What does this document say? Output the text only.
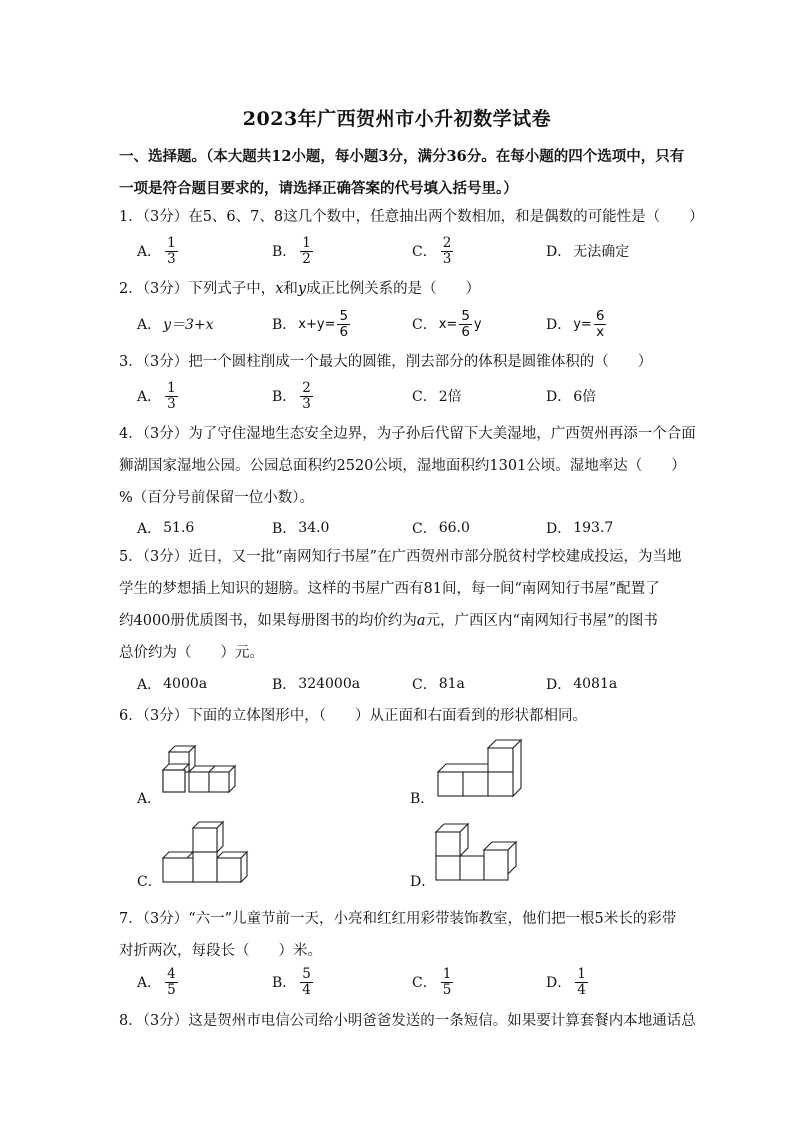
2023年广西贺州市小升初数学试卷
一、选择题。（本大题共12小题，每小题3分，满分36分。在每小题的四个选项中，只有
一项是符合题目要求的，请选择正确答案的代号填入括号里。）
1．（3分）在5、6、7、8这几个数中，任意抽出两个数相加，和是偶数的可能性是（　　）
A． $\frac{1}{3}$	B． $\frac{1}{2}$	C． $\frac{2}{3}$	D． 无法确定
2．（3分）下列式子中，x和y成正比例关系的是（　　）
A． y＝3+x	B． $x+y= \frac{5}{6}$	C． $x= \frac{5}{6}$ y	D． $y= \frac{6}{x}$
3．（3分）把一个圆柱削成一个最大的圆锥，削去部分的体积是圆锥体积的（　　）
A． $\frac{1}{3}$	B． $\frac{2}{3}$	C． 2倍	D． 6倍
4．（3分）为了守住湿地生态安全边界，为子孙后代留下大美湿地，广西贺州再添一个合面
狮湖国家湿地公园。公园总面积约2520公顷，湿地面积约1301公顷。湿地率达（　　）
%（百分号前保留一位小数）。
A． 51.6	B． 34.0	C． 66.0	D． 193.7
5．（3分）近日，又一批“南网知行书屋”在广西贺州市部分脱贫村学校建成投运，为当地
学生的梦想插上知识的翅膀。这样的书屋广西有81间，每一间“南网知行书屋”配置了
约4000册优质图书，如果每册图书的均价约为a元，广西区内“南网知行书屋”的图书
总价约为（　　）元。
A． 4000a	B． 324000a	C． 81a	D． 4081a
6．（3分）下面的立体图形中，（　　）从正面和右面看到的形状都相同。
A．	B．
C．	D．
7．（3分）“六一”儿童节前一天，小亮和红红用彩带装饰教室，他们把一根5米长的彩带
对折两次，每段长（　　）米。
A． $\frac{4}{5}$	B． $\frac{5}{4}$	C． $\frac{1}{5}$	D． $\frac{1}{4}$
8．（3分）这是贺州市电信公司给小明爸爸发送的一条短信。如果要计算套餐内本地通话总
